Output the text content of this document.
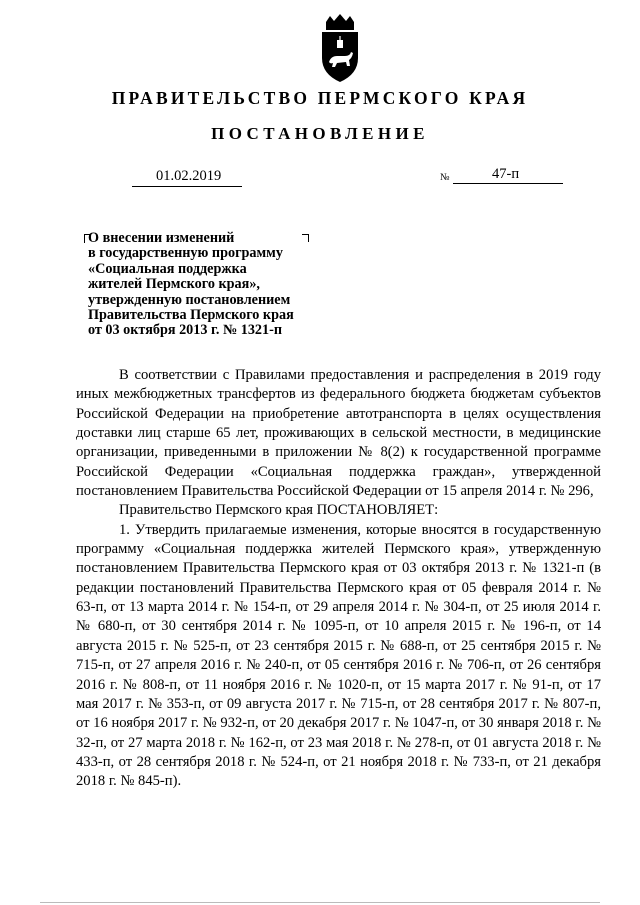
ПРАВИТЕЛЬСТВО ПЕРМСКОГО КРАЯ
ПОСТАНОВЛЕНИЕ
01.02.2019	№	47-п
О внесении изменений
в государственную программу
«Социальная поддержка
жителей Пермского края»,
утвержденную постановлением
Правительства Пермского края
от 03 октября 2013 г. № 1321-п

В соответствии с Правилами предоставления и распределения в 2019 году иных межбюджетных трансфертов из федерального бюджета бюджетам субъектов Российской Федерации на приобретение автотранспорта в целях осуществления доставки лиц старше 65 лет, проживающих в сельской местности, в медицинские организации, приведенными в приложении № 8(2) к государственной программе Российской Федерации «Социальная поддержка граждан», утвержденной постановлением Правительства Российской Федерации от 15 апреля 2014 г. № 296,

Правительство Пермского края ПОСТАНОВЛЯЕТ:

1. Утвердить прилагаемые изменения, которые вносятся в государственную программу «Социальная поддержка жителей Пермского края», утвержденную постановлением Правительства Пермского края от 03 октября 2013 г. № 1321-п (в редакции постановлений Правительства Пермского края от 05 февраля 2014 г. № 63-п, от 13 марта 2014 г. № 154-п, от 29 апреля 2014 г. № 304-п, от 25 июля 2014 г. № 680-п, от 30 сентября 2014 г. № 1095-п, от 10 апреля 2015 г. № 196-п, от 14 августа 2015 г. № 525-п, от 23 сентября 2015 г. № 688-п, от 25 сентября 2015 г. № 715-п, от 27 апреля 2016 г. № 240-п, от 05 сентября 2016 г. № 706-п, от 26 сентября 2016 г. № 808-п, от 11 ноября 2016 г. № 1020-п, от 15 марта 2017 г. № 91-п, от 17 мая 2017 г. № 353-п, от 09 августа 2017 г. № 715-п, от 28 сентября 2017 г. № 807-п, от 16 ноября 2017 г. № 932-п, от 20 декабря 2017 г. № 1047-п, от 30 января 2018 г. № 32-п, от 27 марта 2018 г. № 162-п, от 23 мая 2018 г. № 278-п, от 01 августа 2018 г. № 433-п, от 28 сентября 2018 г. № 524-п, от 21 ноября 2018 г. № 733-п, от 21 декабря 2018 г. № 845-п).
